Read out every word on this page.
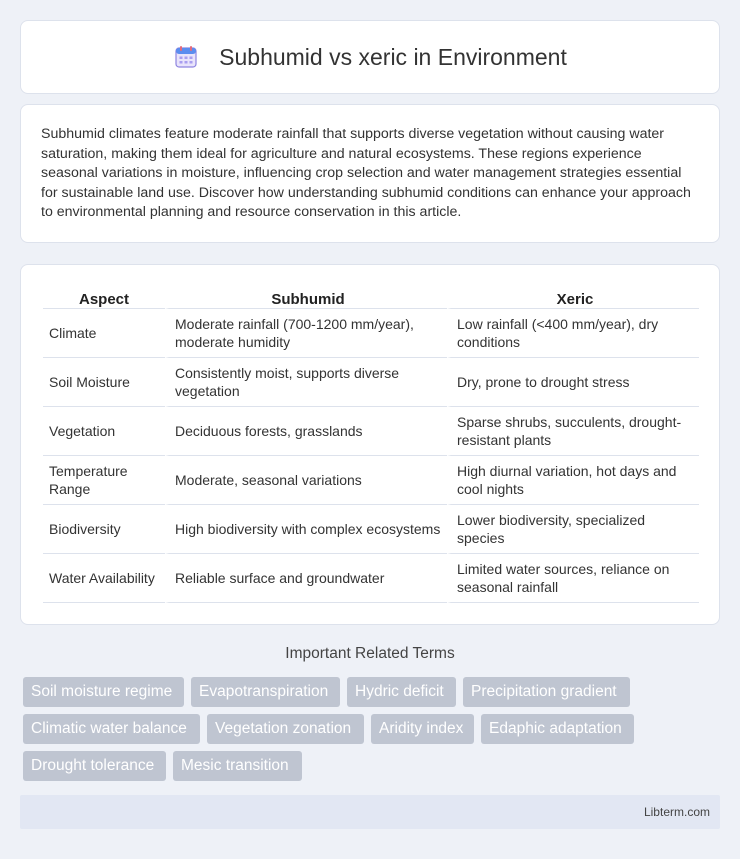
Subhumid vs xeric in Environment

Subhumid climates feature moderate rainfall that supports diverse vegetation without causing water saturation, making them ideal for agriculture and natural ecosystems. These regions experience seasonal variations in moisture, influencing crop selection and water management strategies essential for sustainable land use. Discover how understanding subhumid conditions can enhance your approach to environmental planning and resource conservation in this article.

Aspect	Subhumid	Xeric
Climate	Moderate rainfall (700-1200 mm/year), moderate humidity	Low rainfall (<400 mm/year), dry conditions
Soil Moisture	Consistently moist, supports diverse vegetation	Dry, prone to drought stress
Vegetation	Deciduous forests, grasslands	Sparse shrubs, succulents, drought-resistant plants
Temperature Range	Moderate, seasonal variations	High diurnal variation, hot days and cool nights
Biodiversity	High biodiversity with complex ecosystems	Lower biodiversity, specialized species
Water Availability	Reliable surface and groundwater	Limited water sources, reliance on seasonal rainfall
Important Related Terms
Soil moisture regime	Evapotranspiration	Hydric deficit	Precipitation gradient
Climatic water balance	Vegetation zonation	Aridity index	Edaphic adaptation
Drought tolerance	Mesic transition
Libterm.com
